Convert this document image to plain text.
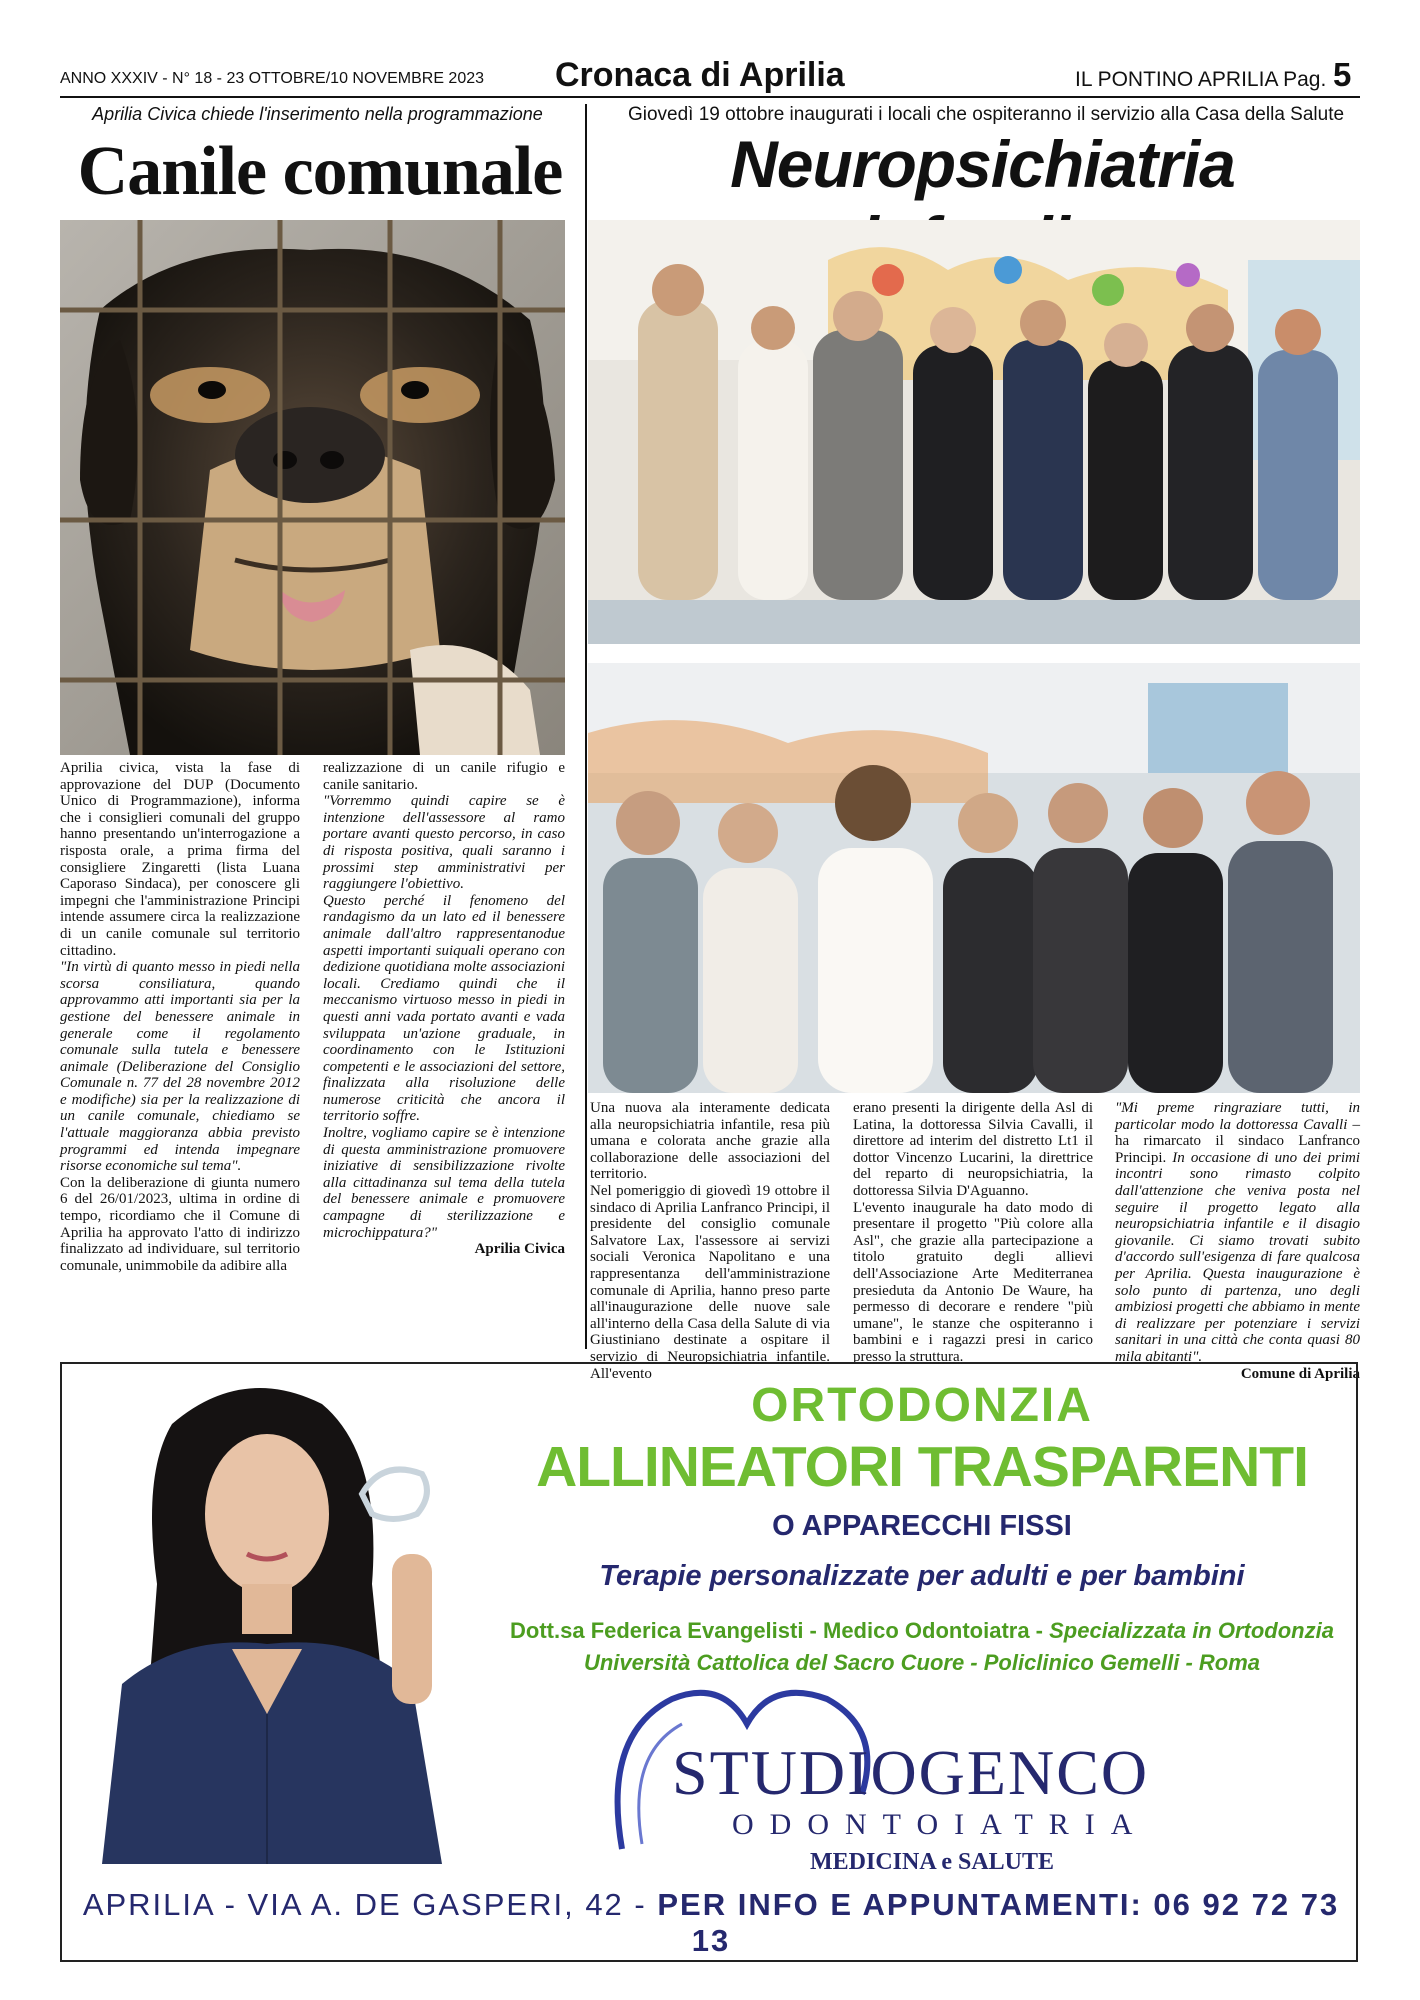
ANNO XXXIV - N° 18 - 23 OTTOBRE/10 NOVEMBRE 2023 Cronaca di Aprilia	IL PONTINO APRILIA Pag. 5
Aprilia Civica chiede l'inserimento nella programmazione
Canile comunale

Aprilia civica, vista la fase di approvazione del DUP (Documento Unico di Programmazione), informa che i consiglieri comunali del gruppo hanno presentando un'interrogazione a risposta orale, a prima firma del consigliere Zingaretti (lista Luana Caporaso Sindaca), per conoscere gli impegni che l'amministrazione Principi intende assumere circa la realizzazione di un canile comunale sul territorio cittadino.

"In virtù di quanto messo in piedi nella scorsa consiliatura, quando approvammo atti importanti sia per la gestione del benessere animale in generale come il regolamento comunale sulla tutela e benessere animale (Deliberazione del Consiglio Comunale n. 77 del 28 novembre 2012 e modifiche) sia per la realizzazione di un canile comunale, chiediamo se l'attuale maggioranza abbia previsto programmi ed intenda impegnare risorse economiche sul tema".

Con la deliberazione di giunta numero 6 del 26/01/2023, ultima in ordine di tempo, ricordiamo che il Comune di Aprilia ha approvato l'atto di indirizzo finalizzato ad individuare, sul territorio comunale, unimmobile da adibire alla

realizzazione di un canile rifugio e canile sanitario.

"Vorremmo quindi capire se è intenzione dell'assessore al ramo portare avanti questo percorso, in caso di risposta positiva, quali saranno i prossimi step amministrativi per raggiungere l'obiettivo.

Questo perché il fenomeno del randagismo da un lato ed il benessere animale dall'altro rappresentanodue aspetti importanti suiquali operano con dedizione quotidiana molte associazioni locali. Crediamo quindi che il meccanismo virtuoso messo in piedi in questi anni vada portato avanti e vada sviluppata un'azione graduale, in coordinamento con le Istituzioni competenti e le associazioni del settore, finalizzata alla risoluzione delle numerose criticità che ancora il territorio soffre.

Inoltre, vogliamo capire se è intenzione di questa amministrazione promuovere iniziative di sensibilizzazione rivolte alla cittadinanza sul tema della tutela del benessere animale e promuovere campagne di sterilizzazione e microchippatura?"

Aprilia Civica

Giovedì 19 ottobre inaugurati i locali che ospiteranno il servizio alla Casa della Salute
Neuropsichiatria

Una nuova ala interamente dedicata alla neuropsichiatria infantile, resa più umana e colorata anche grazie alla collaborazione delle associazioni del territorio.

Nel pomeriggio di giovedì 19 ottobre il sindaco di Aprilia Lanfranco Principi, il presidente del consiglio comunale Salvatore Lax, l'assessore ai servizi sociali Veronica Napolitano e una rappresentanza dell'amministrazione comunale di Aprilia, hanno preso parte all'inaugurazione delle nuove sale all'interno della Casa della Salute di via Giustiniano destinate a ospitare il servizio di Neuropsichiatria infantile. All'evento

erano presenti la dirigente della Asl di Latina, la dottoressa Silvia Cavalli, il direttore ad interim del distretto Lt1 il dottor Vincenzo Lucarini, la direttrice del reparto di neuropsichiatria, la dottoressa Silvia D'Aguanno.

L'evento inaugurale ha dato modo di presentare il progetto "Più colore alla Asl", che grazie alla partecipazione a titolo gratuito degli allievi dell'Associazione Arte Mediterranea presieduta da Antonio De Waure, ha permesso di decorare e rendere "più umane", le stanze che ospiteranno i bambini e i ragazzi presi in carico presso la struttura.

"Mi preme ringraziare tutti, in particolar modo la dottoressa Cavalli – ha rimarcato il sindaco Lanfranco Principi. In occasione di uno dei primi incontri sono rimasto colpito dall'attenzione che veniva posta nel seguire il progetto legato alla neuropsichiatria infantile e il disagio giovanile. Ci siamo trovati subito d'accordo sull'esigenza di fare qualcosa per Aprilia. Questa inaugurazione è solo punto di partenza, uno degli ambiziosi progetti che abbiamo in mente di realizzare per potenziare i servizi sanitari in una città che conta quasi 80 mila abitanti".

Comune di Aprilia

ORTODONZIA
ALLINEATORI TRASPARENTI
O APPARECCHI FISSI
Terapie personalizzate per adulti e per bambini
Dott.sa Federica Evangelisti - Medico Odontoiatra - Specializzata in Ortodonzia
Università Cattolica del Sacro Cuore - Policlinico Gemelli - Roma
STUDIOGENCO
ODONTOIATRIA
MEDICINA e SALUTE
APRILIA - VIA A. DE GASPERI, 42 - PER INFO E APPUNTAMENTI: 06 92 72 73 13
